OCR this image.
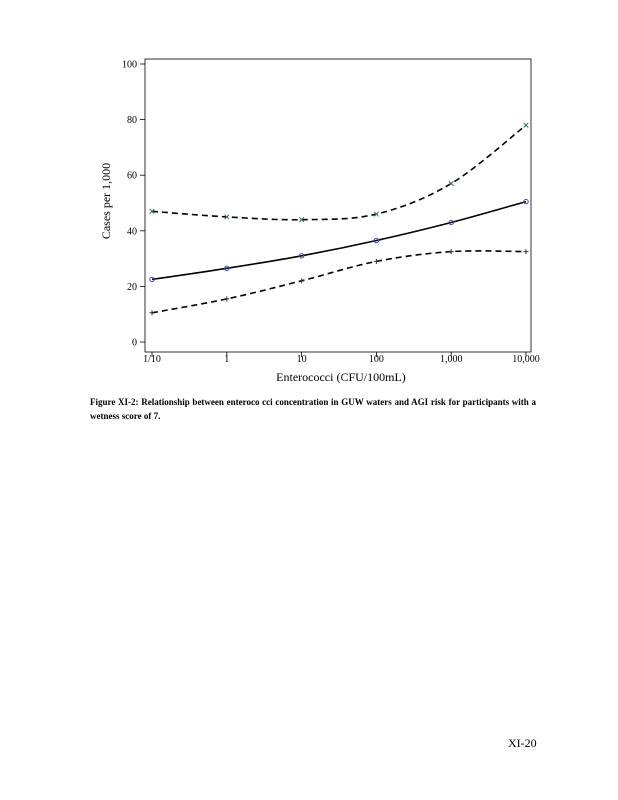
0
20
40
60
80
100
1/10	1	10	100	1,000	10,000
Enterococci (CFU/100mL)
Cases per 1,000
Figure XI-2: Relationship between enteroco cci concentration in GUW waters and AGI risk for participants with a wetness score of 7.
XI-20
